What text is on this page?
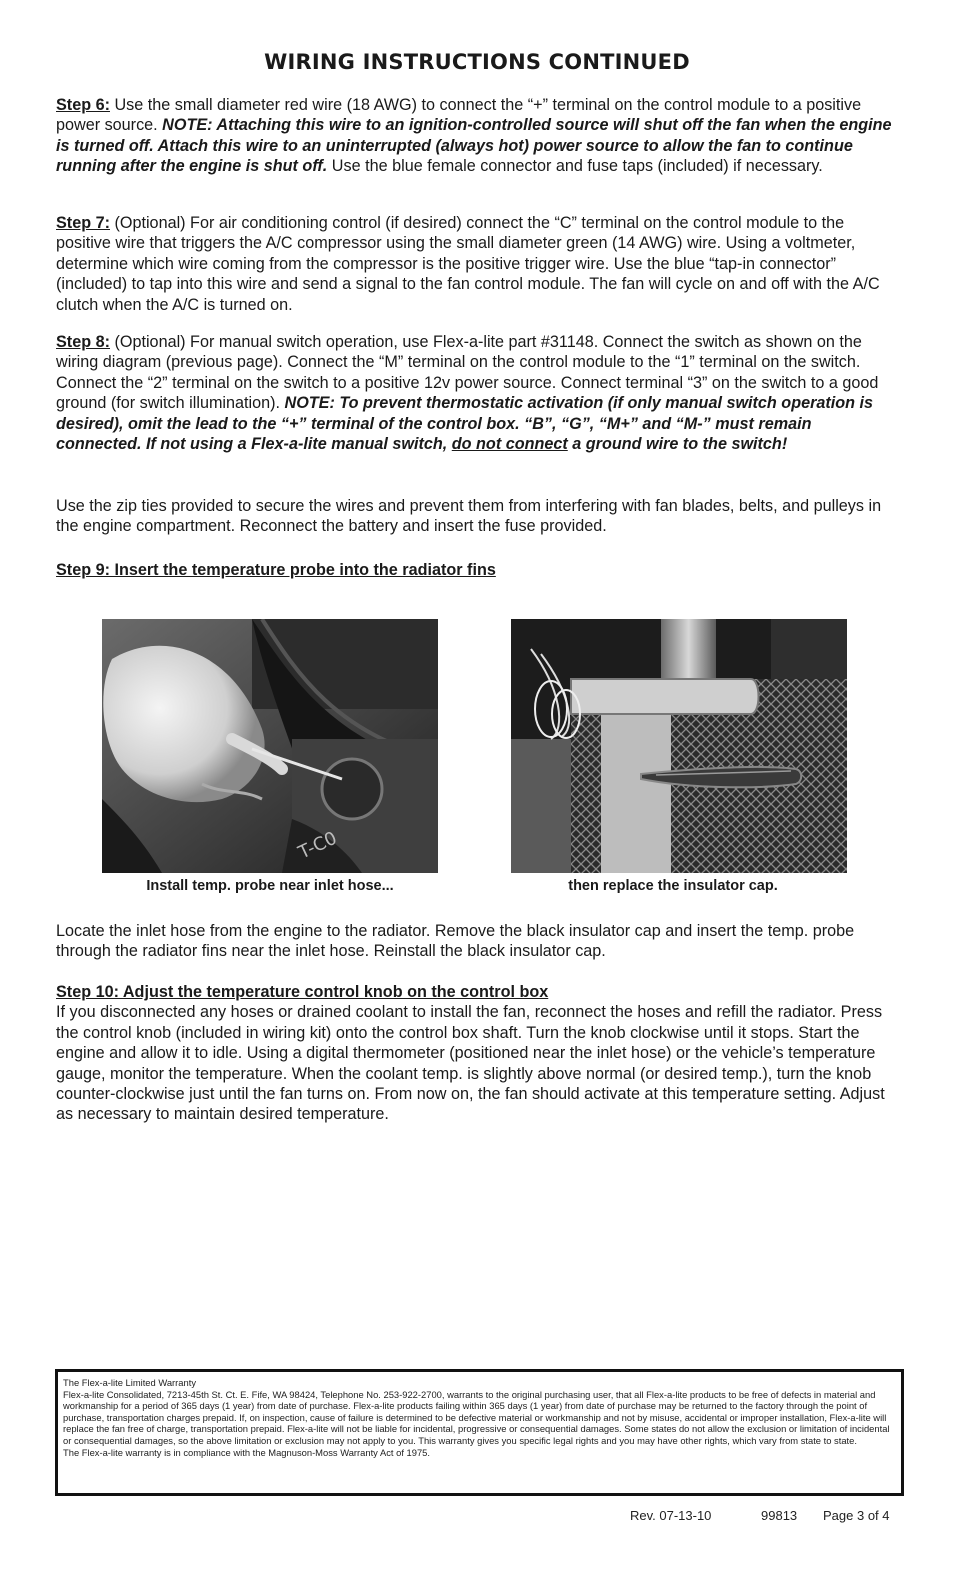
WIRING INSTRUCTIONS CONTINUED

Step 6: Use the small diameter red wire (18 AWG) to connect the “+” terminal on the control module to a positive power source. NOTE: Attaching this wire to an ignition-controlled source will shut off the fan when the engine is turned off. Attach this wire to an uninterrupted (always hot) power source to allow the fan to continue running after the engine is shut off. Use the blue female connector and fuse taps (included) if necessary.

Step 7: (Optional) For air conditioning control (if desired) connect the “C” terminal on the control module to the positive wire that triggers the A/C compressor using the small diameter green (14 AWG) wire. Using a voltmeter, determine which wire coming from the compressor is the positive trigger wire. Use the blue “tap-in connector” (included) to tap into this wire and send a signal to the fan control module. The fan will cycle on and off with the A/C clutch when the A/C is turned on.

Step 8: (Optional) For manual switch operation, use Flex-a-lite part #31148. Connect the switch as shown on the wiring diagram (previous page). Connect the “M” terminal on the control module to the “1” terminal on the switch. Connect the “2” terminal on the switch to a positive 12v power source. Connect terminal “3” on the switch to a good ground (for switch illumination). NOTE: To prevent thermostatic activation (if only manual switch operation is desired), omit the lead to the “+” terminal of the control box. “B”, “G”, “M+” and “M-” must remain connected. If not using a Flex-a-lite manual switch, do not connect a ground wire to the switch!

Use the zip ties provided to secure the wires and prevent them from interfering with fan blades, belts, and pulleys in the engine compartment. Reconnect the battery and insert the fuse provided.

Step 9: Insert the temperature probe into the radiator fins

T-C0
Install temp. probe near inlet hose...	then replace the insulator cap.

Locate the inlet hose from the engine to the radiator. Remove the black insulator cap and insert the temp. probe through the radiator fins near the inlet hose. Reinstall the black insulator cap.

Step 10: Adjust the temperature control knob on the control box

If you disconnected any hoses or drained coolant to install the fan, reconnect the hoses and refill the radiator. Press the control knob (included in wiring kit) onto the control box shaft. Turn the knob clockwise until it stops. Start the engine and allow it to idle. Using a digital thermometer (positioned near the inlet hose) or the vehicle’s temperature gauge, monitor the temperature. When the coolant temp. is slightly above normal (or desired temp.), turn the knob counter-clockwise just until the fan turns on. From now on, the fan should activate at this temperature setting. Adjust as necessary to maintain desired temperature.

The Flex-a-lite Limited Warranty

Flex-a-lite Consolidated, 7213-45th St. Ct. E. Fife, WA 98424, Telephone No. 253-922-2700, warrants to the original purchasing user, that all Flex-a-lite products to be free of defects in material and workmanship for a period of 365 days (1 year) from date of purchase. Flex-a-lite products failing within 365 days (1 year) from date of purchase may be returned to the factory through the point of purchase, transportation charges prepaid. If, on inspection, cause of failure is determined to be defective material or workmanship and not by misuse, accidental or improper installation, Flex-a-lite will replace the fan free of charge, transportation prepaid. Flex-a-lite will not be liable for incidental, progressive or consequential damages. Some states do not allow the exclusion or limitation of incidental or consequential damages, so the above limitation or exclusion may not apply to you. This warranty gives you specific legal rights and you may have other rights, which vary from state to state.

The Flex-a-lite warranty is in compliance with the Magnuson-Moss Warranty Act of 1975.

Rev. 07-13-10	99813 Page 3 of 4
